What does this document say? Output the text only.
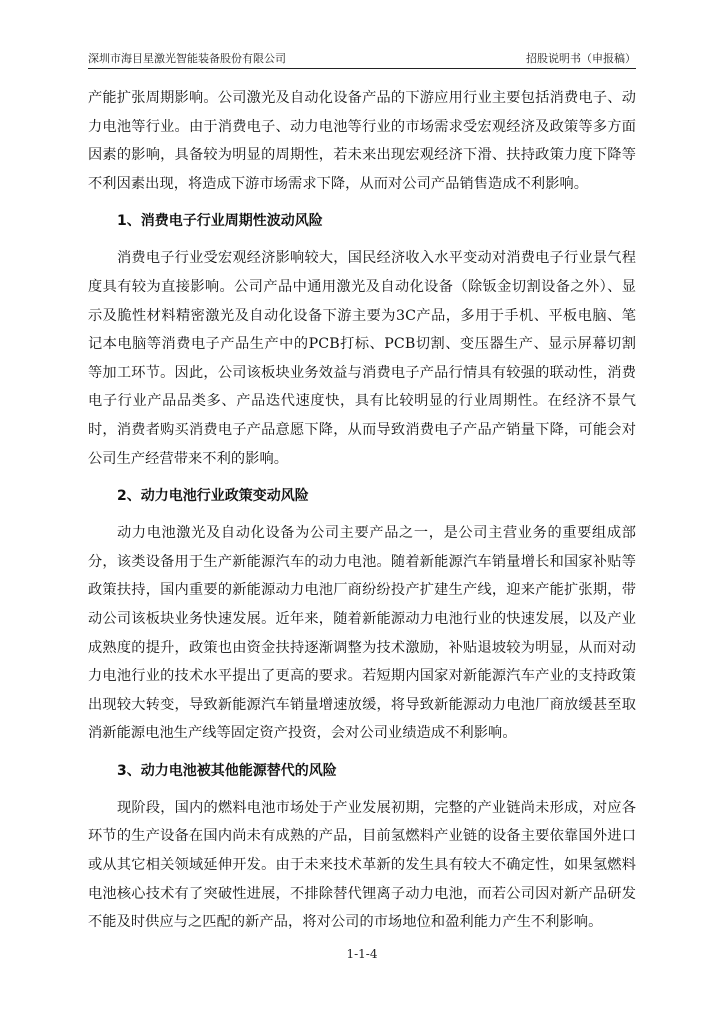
深圳市海目星激光智能装备股份有限公司	招股说明书（申报稿）

产能扩张周期影响。公司激光及自动化设备产品的下游应用行业主要包括消费电子、动力电池等行业。由于消费电子、动力电池等行业的市场需求受宏观经济及政策等多方面因素的影响，具备较为明显的周期性，若未来出现宏观经济下滑、扶持政策力度下降等不利因素出现，将造成下游市场需求下降，从而对公司产品销售造成不利影响。

1、消费电子行业周期性波动风险

消费电子行业受宏观经济影响较大，国民经济收入水平变动对消费电子行业景气程度具有较为直接影响。公司产品中通用激光及自动化设备（除钣金切割设备之外）、显示及脆性材料精密激光及自动化设备下游主要为3C产品，多用于手机、平板电脑、笔记本电脑等消费电子产品生产中的PCB打标、PCB切割、变压器生产、显示屏幕切割等加工环节。因此，公司该板块业务效益与消费电子产品行情具有较强的联动性，消费电子行业产品品类多、产品迭代速度快，具有比较明显的行业周期性。在经济不景气时，消费者购买消费电子产品意愿下降，从而导致消费电子产品产销量下降，可能会对公司生产经营带来不利的影响。

2、动力电池行业政策变动风险

动力电池激光及自动化设备为公司主要产品之一，是公司主营业务的重要组成部分，该类设备用于生产新能源汽车的动力电池。随着新能源汽车销量增长和国家补贴等政策扶持，国内重要的新能源动力电池厂商纷纷投产扩建生产线，迎来产能扩张期，带动公司该板块业务快速发展。近年来，随着新能源动力电池行业的快速发展，以及产业成熟度的提升，政策也由资金扶持逐渐调整为技术激励，补贴退坡较为明显，从而对动力电池行业的技术水平提出了更高的要求。若短期内国家对新能源汽车产业的支持政策出现较大转变，导致新能源汽车销量增速放缓，将导致新能源动力电池厂商放缓甚至取消新能源电池生产线等固定资产投资，会对公司业绩造成不利影响。

3、动力电池被其他能源替代的风险

现阶段，国内的燃料电池市场处于产业发展初期，完整的产业链尚未形成，对应各环节的生产设备在国内尚未有成熟的产品，目前氢燃料产业链的设备主要依靠国外进口或从其它相关领域延伸开发。由于未来技术革新的发生具有较大不确定性，如果氢燃料电池核心技术有了突破性进展，不排除替代锂离子动力电池，而若公司因对新产品研发不能及时供应与之匹配的新产品，将对公司的市场地位和盈利能力产生不利影响。

1-1-4
